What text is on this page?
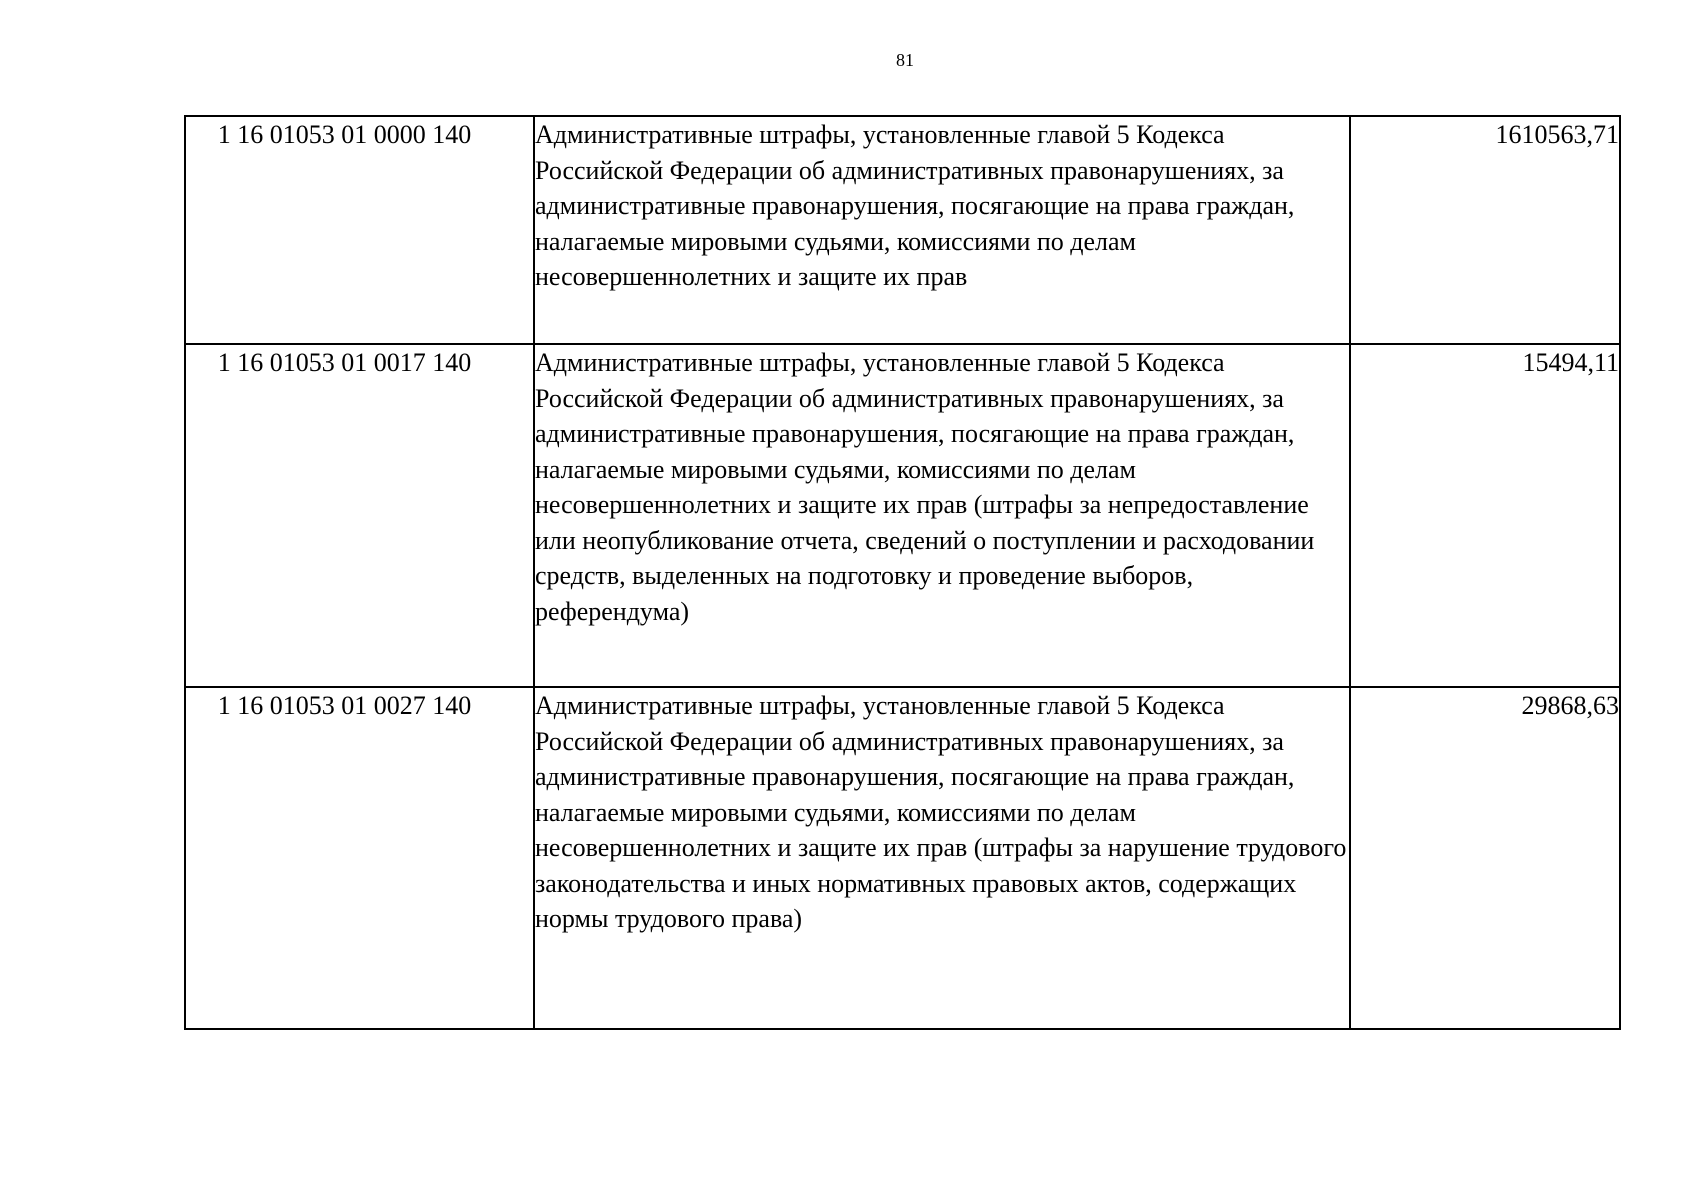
81
1 16 01053 01 0000 140	Административные штрафы, установленные главой 5 Кодекса Российской Федерации об административных правонарушениях, за административные правонарушения, посягающие на права граждан, налагаемые мировыми судьями, комиссиями по делам несовершеннолетних и защите их прав	1610563,71
1 16 01053 01 0017 140	Административные штрафы, установленные главой 5 Кодекса Российской Федерации об административных правонарушениях, за административные правонарушения, посягающие на права граждан, налагаемые мировыми судьями, комиссиями по делам несовершеннолетних и защите их прав (штрафы за непредоставление или неопубликование отчета, сведений о поступлении и расходовании средств, выделенных на подготовку и проведение выборов, референдума)	15494,11
1 16 01053 01 0027 140	Административные штрафы, установленные главой 5 Кодекса Российской Федерации об административных правонарушениях, за административные правонарушения, посягающие на права граждан, налагаемые мировыми судьями, комиссиями по делам несовершеннолетних и защите их прав (штрафы за нарушение трудового законодательства и иных нормативных правовых актов, содержащих нормы трудового права)	29868,63
